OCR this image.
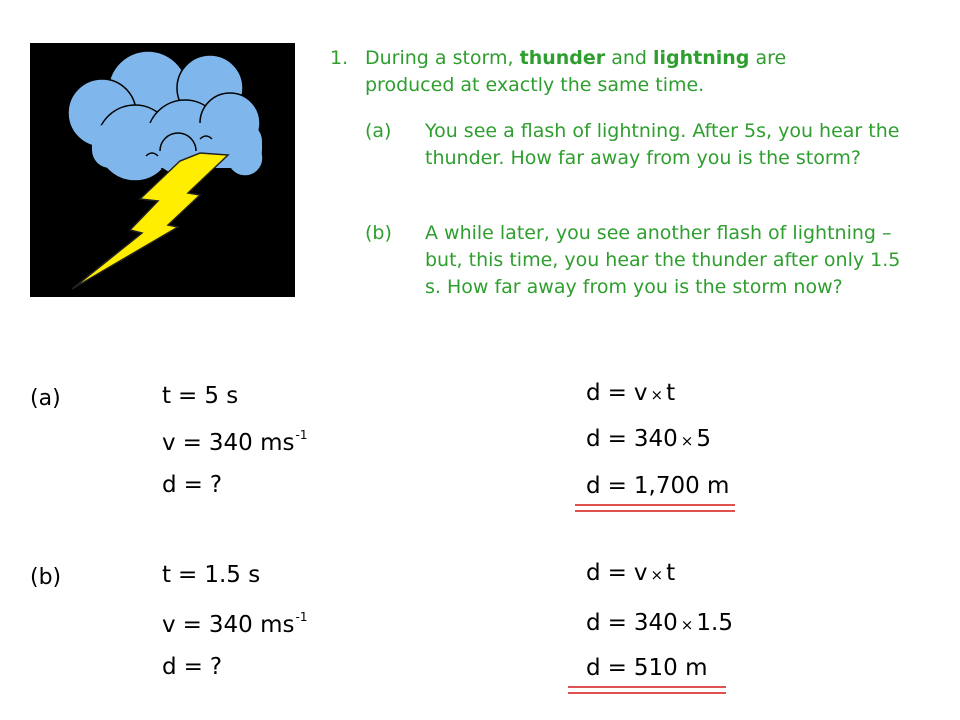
1. During a storm, thunder and lightning are produced at exactly the same time.
(a) You see a flash of lightning. After 5s, you hear the thunder. How far away from you is the storm?
(b) A while later, you see another flash of lightning – but, this time, you hear the thunder after only 1.5 s. How far away from you is the storm now?
(a)	t = 5 s
v = 340 $ms^{-1}$
d = ?
d = v × t
d = 340 × 5
d = 1,700 m
(b)	t = 1.5 s
v = 340 $ms^{-1}$
d = ?
d = v × t
d = 340 × 1.5
d = 510 m
